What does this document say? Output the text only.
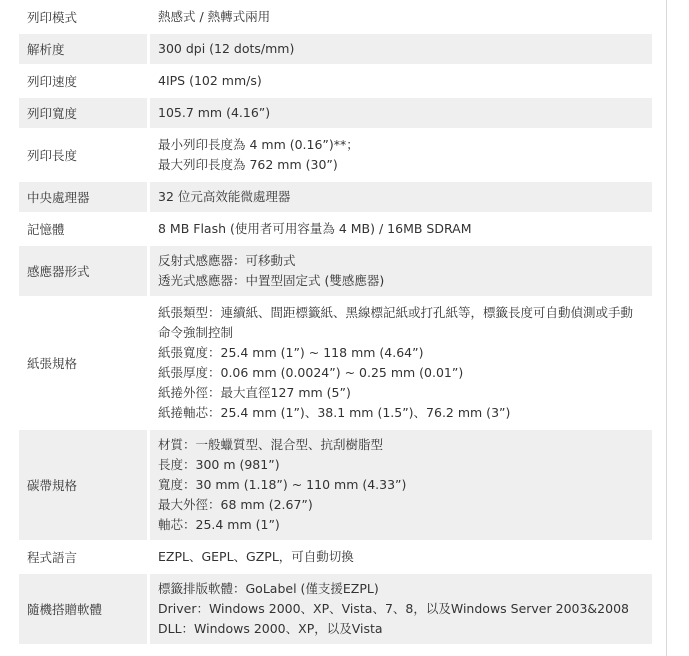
列印模式		熱感式 / 熱轉式兩用

解析度		300 dpi (12 dots/mm)

列印速度		4IPS (102 mm/s)

列印寬度		105.7 mm (4.16”)

列印長度		最小列印長度為 4 mm (0.16”)**；
最大列印長度為 762 mm (30”)

中央處理器		32 位元高效能微處理器

記憶體		8 MB Flash (使用者可用容量為 4 MB) / 16MB SDRAM

感應器形式		反射式感應器：可移動式
透光式感應器：中置型固定式 (雙感應器)

紙張規格		紙張類型：連續紙、間距標籤紙、黑線標記紙或打孔紙等，標籤長度可自動偵測或手動命令強制控制
紙張寬度：25.4 mm (1”) ~ 118 mm (4.64”)
紙張厚度：0.06 mm (0.0024”) ~ 0.25 mm (0.01”)
紙捲外徑：最大直徑127 mm (5”)
紙捲軸芯：25.4 mm (1”)、38.1 mm (1.5”)、76.2 mm (3”)

碳帶規格		材質：一般蠟質型、混合型、抗刮樹脂型
長度：300 m (981”)
寬度：30 mm (1.18”) ~ 110 mm (4.33”)
最大外徑：68 mm (2.67”)
軸芯：25.4 mm (1”)

程式語言		EZPL、GEPL、GZPL，可自動切換

隨機搭贈軟體		標籤排版軟體：GoLabel (僅支援EZPL)
Driver：Windows 2000、XP、Vista、7、8，以及Windows Server 2003&2008
DLL：Windows 2000、XP，以及Vista
